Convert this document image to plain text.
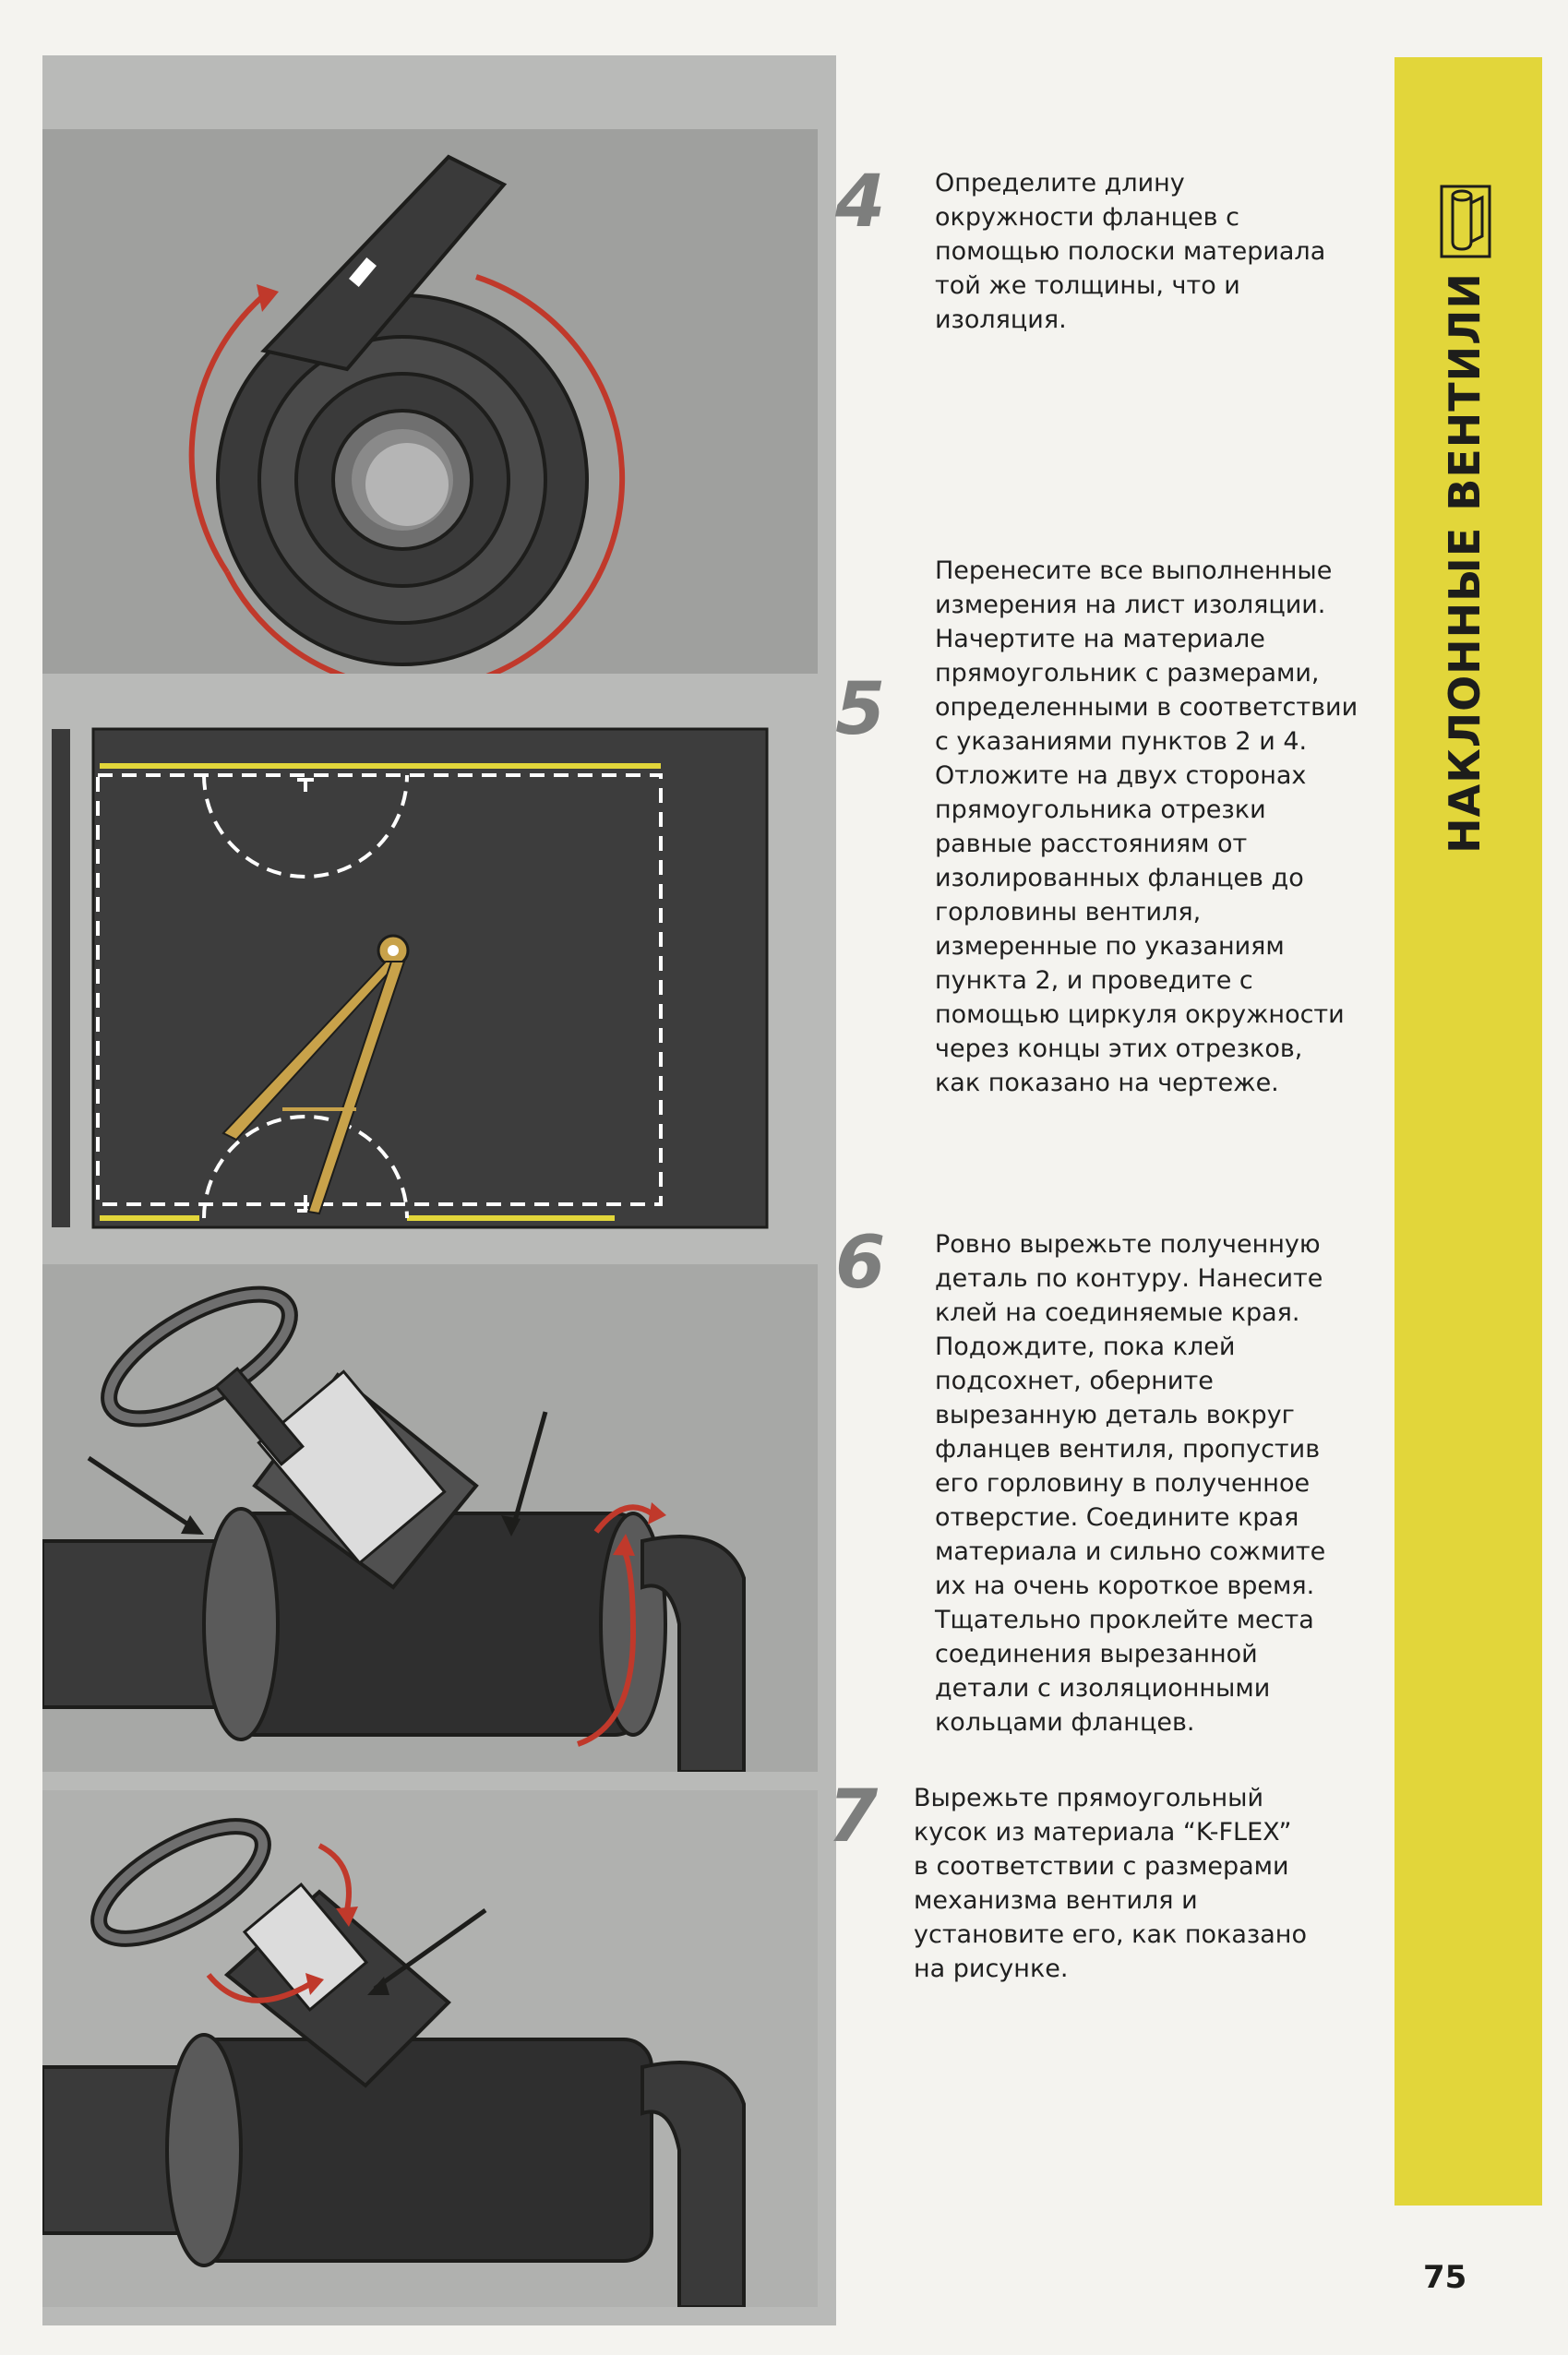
4 Определите длину
окружности фланцев с
помощью полоски материала
той же толщины, что и
изоляция.
5
Перенесите все выполненные
измерения на лист изоляции.
Начертите на материале
прямоугольник с размерами,
определенными в соответствии
с указаниями пунктов 2 и 4.
Отложите на двух сторонах
прямоугольника отрезки
равные расстояниям от
изолированных фланцев до
горловины вентиля,
измеренные по указаниям
пункта 2, и проведите с
помощью циркуля окружности
через концы этих отрезков,
как показано на чертеже.
6 Ровно вырежьте полученную
деталь по контуру. Нанесите
клей на соединяемые края.
Подождите, пока клей
подсохнет, оберните
вырезанную деталь вокруг
фланцев вентиля, пропустив
его горловину в полученное
отверстие. Соедините края
материала и сильно сожмите
их на очень короткое время.
Тщательно проклейте места
соединения вырезанной
детали с изоляционными
кольцами фланцев.
7 Вырежьте прямоугольный
кусок из материала “K-FLEX”
в соответствии с размерами
механизма вентиля и
установите его, как показано
на рисунке.
НАКЛОННЫЕ ВЕНТИЛИ
75
